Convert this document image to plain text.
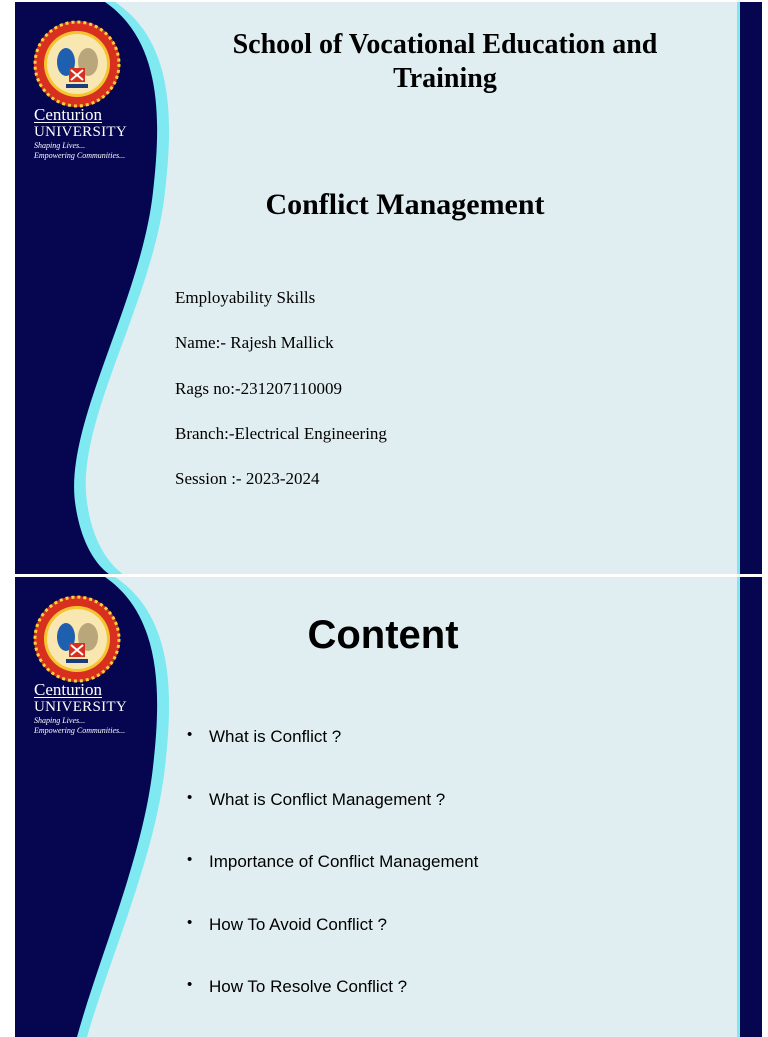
Centurion
UNIVERSITY
Shaping Lives...
Empowering Communities...
School of Vocational Education and Training
Conflict Management
Employability Skills
Name:- Rajesh Mallick
Rags no:-231207110009
Branch:-Electrical Engineering
Session :- 2023-2024
Centurion
UNIVERSITY
Shaping Lives...
Empowering Communities...
Content
• What is Conflict ?
• What is Conflict Management ?
• Importance of Conflict Management
• How To Avoid Conflict ?
• How To Resolve Conflict ?
